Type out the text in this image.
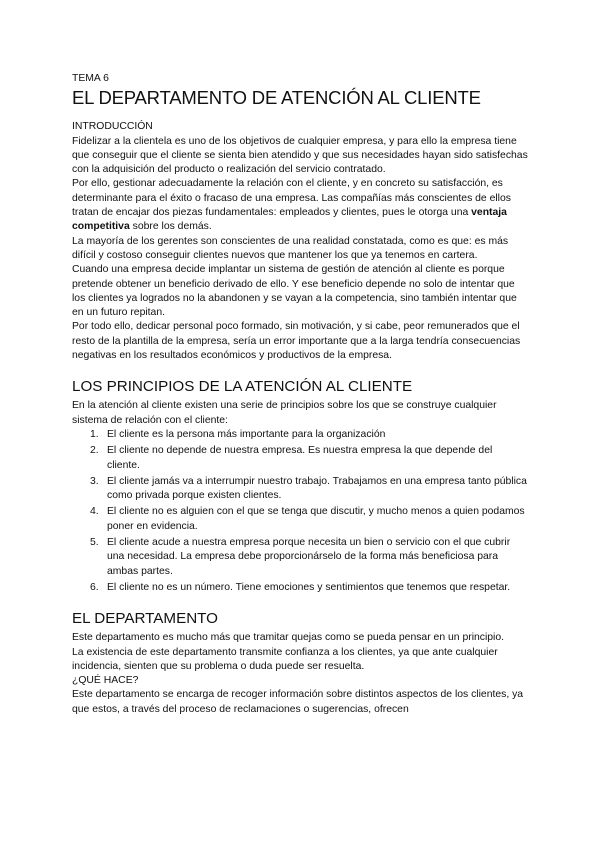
TEMA 6
EL DEPARTAMENTO DE ATENCIÓN AL CLIENTE
INTRODUCCIÓN

Fidelizar a la clientela es uno de los objetivos de cualquier empresa, y para ello la empresa tiene que conseguir que el cliente se sienta bien atendido y que sus necesidades hayan sido satisfechas con la adquisición del producto o realización del servicio contratado.

Por ello, gestionar adecuadamente la relación con el cliente, y en concreto su satisfacción, es determinante para el éxito o fracaso de una empresa. Las compañías más conscientes de ellos tratan de encajar dos piezas fundamentales: empleados y clientes, pues le otorga una ventaja competitiva sobre los demás.

La mayoría de los gerentes son conscientes de una realidad constatada, como es que: es más difícil y costoso conseguir clientes nuevos que mantener los que ya tenemos en cartera.

Cuando una empresa decide implantar un sistema de gestión de atención al cliente es porque pretende obtener un beneficio derivado de ello. Y ese beneficio depende no solo de intentar que los clientes ya logrados no la abandonen y se vayan a la competencia, sino también intentar que en un futuro repitan.

Por todo ello, dedicar personal poco formado, sin motivación, y si cabe, peor remunerados que el resto de la plantilla de la empresa, sería un error importante que a la larga tendría consecuencias negativas en los resultados económicos y productivos de la empresa.

LOS PRINCIPIOS DE LA ATENCIÓN AL CLIENTE

En la atención al cliente existen una serie de principios sobre los que se construye cualquier sistema de relación con el cliente:

1. El cliente es la persona más importante para la organización
2. El cliente no depende de nuestra empresa. Es nuestra empresa la que depende del cliente.
3. El cliente jamás va a interrumpir nuestro trabajo. Trabajamos en una empresa tanto pública como privada porque existen clientes.
4. El cliente no es alguien con el que se tenga que discutir, y mucho menos a quien podamos poner en evidencia.
5. El cliente acude a nuestra empresa porque necesita un bien o servicio con el que cubrir una necesidad. La empresa debe proporcionárselo de la forma más beneficiosa para ambas partes.
6. El cliente no es un número. Tiene emociones y sentimientos que tenemos que respetar.
EL DEPARTAMENTO

Este departamento es mucho más que tramitar quejas como se pueda pensar en un principio.

La existencia de este departamento transmite confianza a los clientes, ya que ante cualquier incidencia, sienten que su problema o duda puede ser resuelta.

¿QUÉ HACE?

Este departamento se encarga de recoger información sobre distintos aspectos de los clientes, ya que estos, a través del proceso de reclamaciones o sugerencias, ofrecen
